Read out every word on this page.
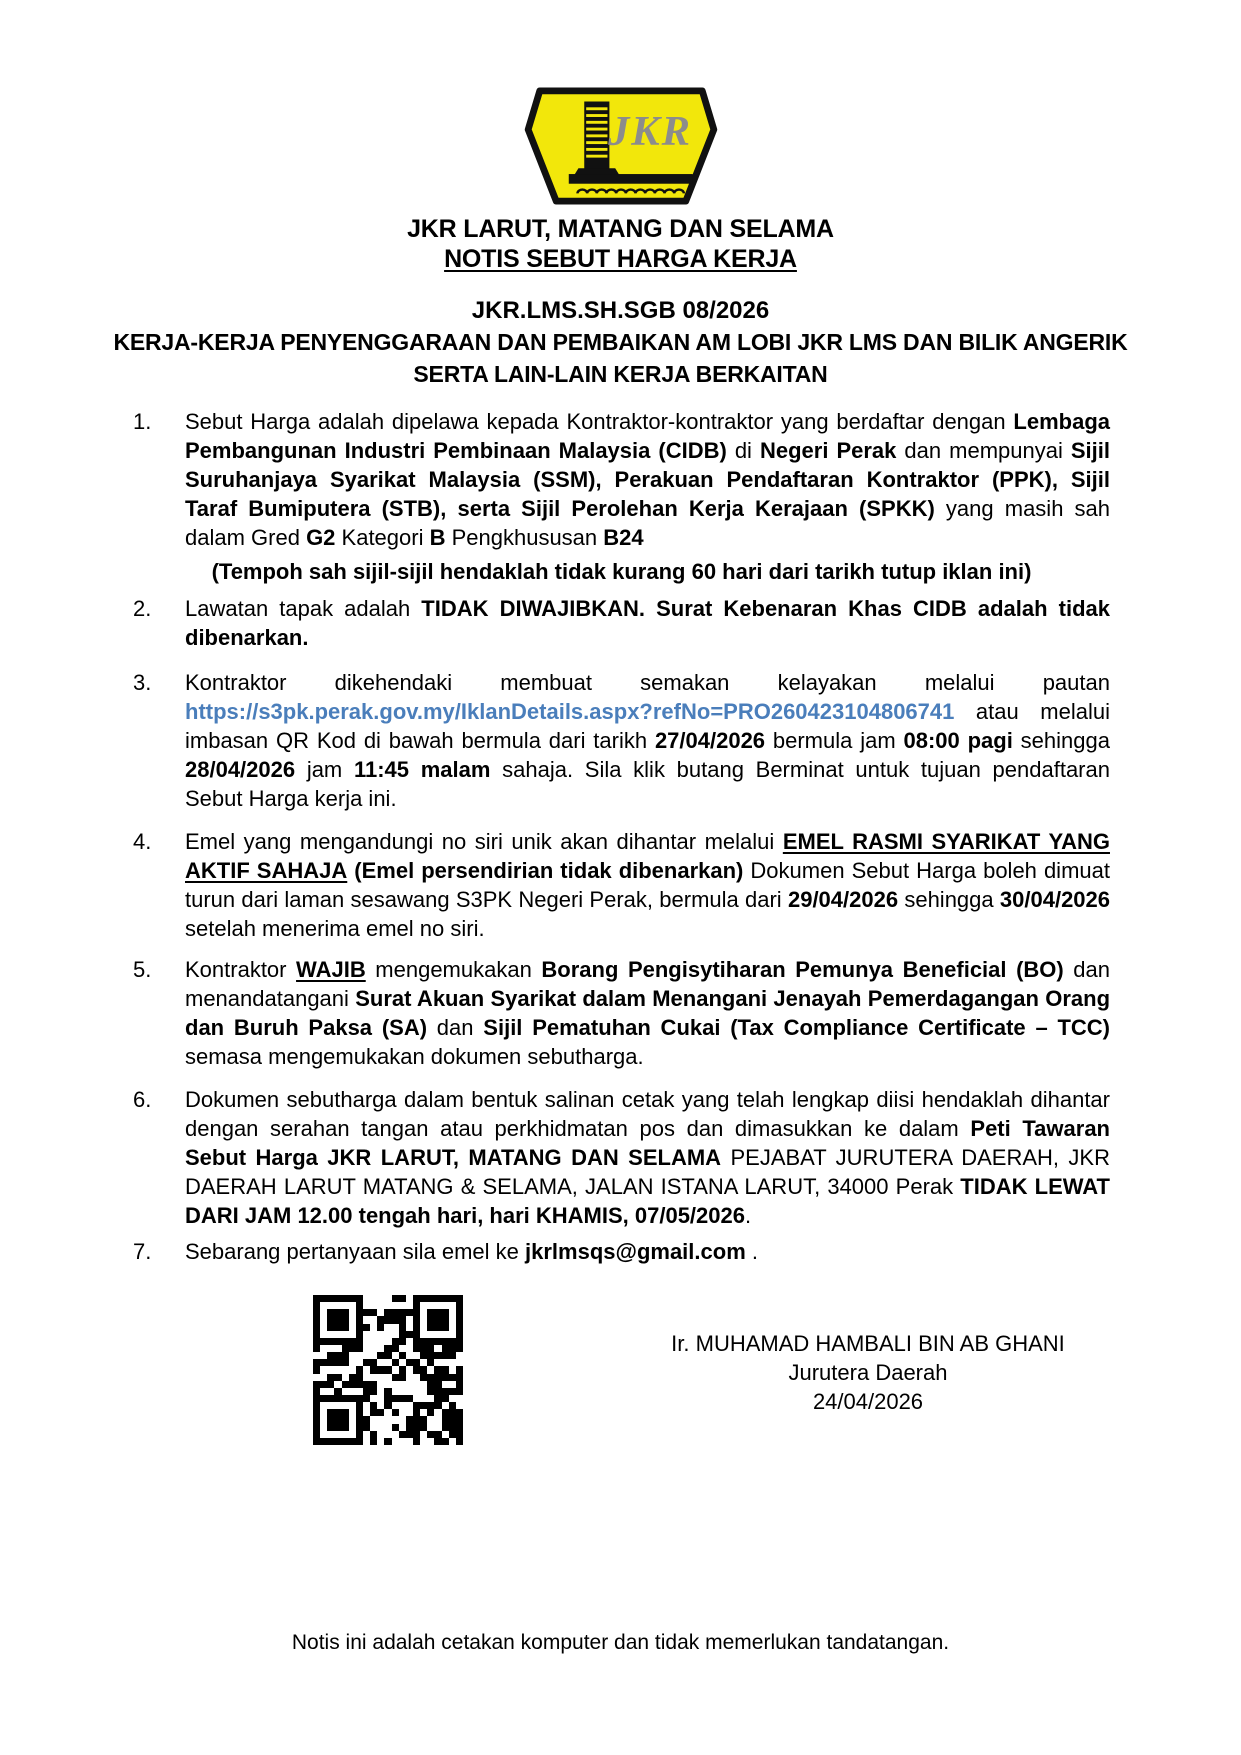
JKR
JKR LARUT, MATANG DAN SELAMA
NOTIS SEBUT HARGA KERJA
JKR.LMS.SH.SGB 08/2026
KERJA-KERJA PENYENGGARAAN DAN PEMBAIKAN AM LOBI JKR LMS DAN BILIK ANGERIK
SERTA LAIN-LAIN KERJA BERKAITAN
1.	Sebut Harga adalah dipelawa kepada Kontraktor-kontraktor yang berdaftar dengan Lembaga Pembangunan Industri Pembinaan Malaysia (CIDB) di Negeri Perak dan mempunyai Sijil Suruhanjaya Syarikat Malaysia (SSM), Perakuan Pendaftaran Kontraktor (PPK), Sijil Taraf Bumiputera (STB), serta Sijil Perolehan Kerja Kerajaan (SPKK) yang masih sah dalam Gred G2 Kategori B Pengkhususan B24
(Tempoh sah sijil-sijil hendaklah tidak kurang 60 hari dari tarikh tutup iklan ini)
2.	Lawatan tapak adalah TIDAK DIWAJIBKAN. Surat Kebenaran Khas CIDB adalah tidak dibenarkan.
3.	Kontraktor dikehendaki membuat semakan kelayakan melalui pautan https://s3pk.perak.gov.my/IklanDetails.aspx?refNo=PRO260423104806741 atau melalui imbasan QR Kod di bawah bermula dari tarikh 27/04/2026 bermula jam 08:00 pagi sehingga 28/04/2026 jam 11:45 malam sahaja. Sila klik butang Berminat untuk tujuan pendaftaran Sebut Harga kerja ini.
4.	Emel yang mengandungi no siri unik akan dihantar melalui EMEL RASMI SYARIKAT YANG AKTIF SAHAJA (Emel persendirian tidak dibenarkan) Dokumen Sebut Harga boleh dimuat turun dari laman sesawang S3PK Negeri Perak, bermula dari 29/04/2026 sehingga 30/04/2026 setelah menerima emel no siri.
5.	Kontraktor WAJIB mengemukakan Borang Pengisytiharan Pemunya Beneficial (BO) dan menandatangani Surat Akuan Syarikat dalam Menangani Jenayah Pemerdagangan Orang dan Buruh Paksa (SA) dan Sijil Pematuhan Cukai (Tax Compliance Certificate – TCC) semasa mengemukakan dokumen sebutharga.
6.	Dokumen sebutharga dalam bentuk salinan cetak yang telah lengkap diisi hendaklah dihantar dengan serahan tangan atau perkhidmatan pos dan dimasukkan ke dalam Peti Tawaran Sebut Harga JKR LARUT, MATANG DAN SELAMA PEJABAT JURUTERA DAERAH, JKR DAERAH LARUT MATANG & SELAMA, JALAN ISTANA LARUT, 34000 Perak TIDAK LEWAT DARI JAM 12.00 tengah hari, hari KHAMIS, 07/05/2026.
7.	Sebarang pertanyaan sila emel ke jkrlmsqs@gmail.com .
Ir. MUHAMAD HAMBALI BIN AB GHANI
Jurutera Daerah
24/04/2026
Notis ini adalah cetakan komputer dan tidak memerlukan tandatangan.
